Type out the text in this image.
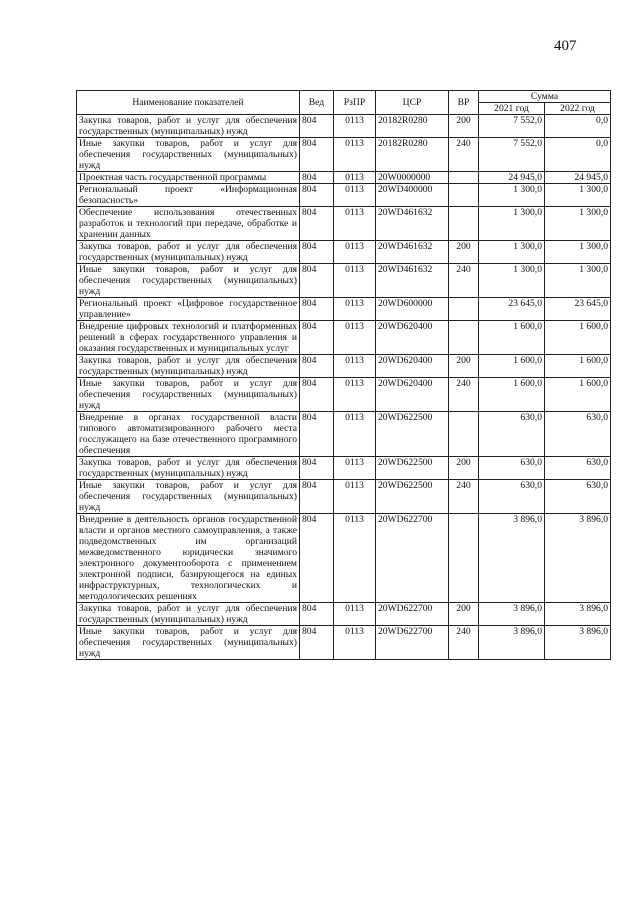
407
Наименование показателей	Вед	РзПР	ЦСР	ВР	Сумма	
					2021 год	2022 год
Закупка товаров, работ и услуг для обеспечения государственных (муниципальных) нужд	804	0113	20182R0280	200	7 552,0	0,0
Иные закупки товаров, работ и услуг для обеспечения государственных (муниципальных) нужд	804	0113	20182R0280	240	7 552,0	0,0
Проектная часть государственной программы	804	0113	20W0000000		24 945,0	24 945,0
Региональный проект «Информационная безопасность»	804	0113	20WD400000		1 300,0	1 300,0
Обеспечение использования отечественных разработок и технологий при передаче, обработке и хранении данных	804	0113	20WD461632		1 300,0	1 300,0
Закупка товаров, работ и услуг для обеспечения государственных (муниципальных) нужд	804	0113	20WD461632	200	1 300,0	1 300,0
Иные закупки товаров, работ и услуг для обеспечения государственных (муниципальных) нужд	804	0113	20WD461632	240	1 300,0	1 300,0
Региональный проект «Цифровое государственное управление»	804	0113	20WD600000		23 645,0	23 645,0
Внедрение цифровых технологий и платформенных решений в сферах государственного управления и оказания государственных и муниципальных услуг	804	0113	20WD620400		1 600,0	1 600,0
Закупка товаров, работ и услуг для обеспечения государственных (муниципальных) нужд	804	0113	20WD620400	200	1 600,0	1 600,0
Иные закупки товаров, работ и услуг для обеспечения государственных (муниципальных) нужд	804	0113	20WD620400	240	1 600,0	1 600,0
Внедрение в органах государственной власти типового автоматизированного рабочего места госслужащего на базе отечественного программного обеспечения	804	0113	20WD622500		630,0	630,0
Закупка товаров, работ и услуг для обеспечения государственных (муниципальных) нужд	804	0113	20WD622500	200	630,0	630,0
Иные закупки товаров, работ и услуг для обеспечения государственных (муниципальных) нужд	804	0113	20WD622500	240	630,0	630,0
Внедрение в деятельность органов государственной власти и органов местного самоуправления, а также подведомственных им организаций межведомственного юридически значимого электронного документооборота с применением электронной подписи, базирующегося на единых инфраструктурных, технологических и методологических решениях	804	0113	20WD622700		3 896,0	3 896,0
Закупка товаров, работ и услуг для обеспечения государственных (муниципальных) нужд	804	0113	20WD622700	200	3 896,0	3 896,0
Иные закупки товаров, работ и услуг для обеспечения государственных (муниципальных) нужд	804	0113	20WD622700	240	3 896,0	3 896,0
